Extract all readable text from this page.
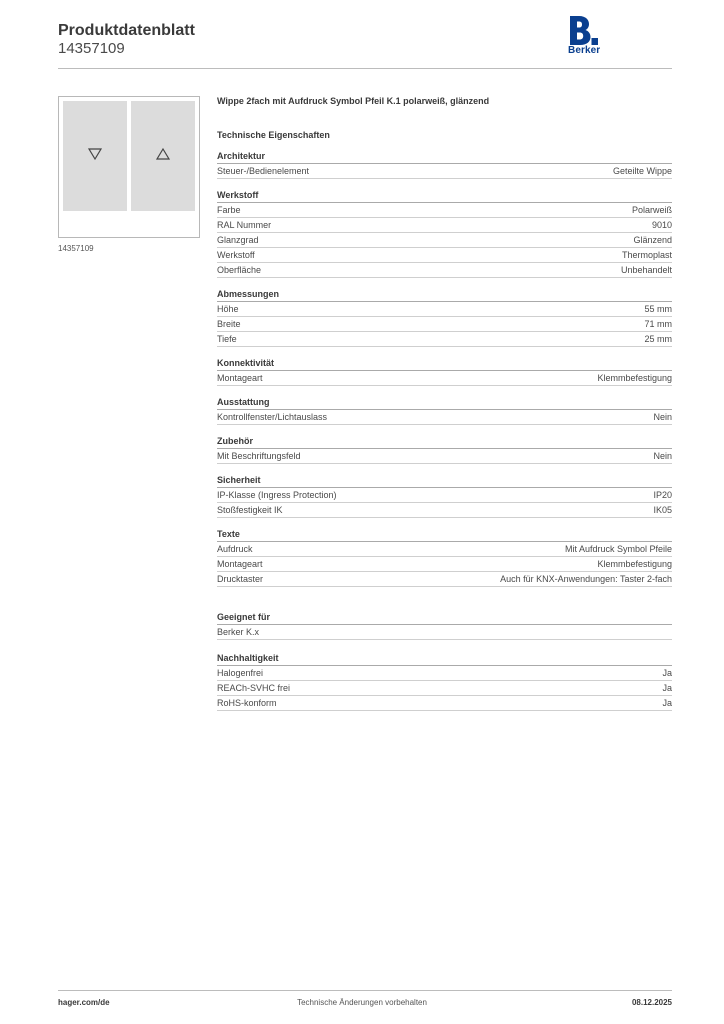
Produktdatenblatt
14357109	Berker
14357109
Wippe 2fach mit Aufdruck Symbol Pfeil K.1 polarweiß, glänzend
Technische Eigenschaften
Architektur
Steuer-/Bedienelement	Geteilte Wippe
Werkstoff
Farbe	Polarweiß
RAL Nummer	9010
Glanzgrad	Glänzend
Werkstoff	Thermoplast
Oberfläche	Unbehandelt
Abmessungen
Höhe	55 mm
Breite	71 mm
Tiefe	25 mm
Konnektivität
Montageart	Klemmbefestigung
Ausstattung
Kontrollfenster/Lichtauslass	Nein
Zubehör
Mit Beschriftungsfeld	Nein
Sicherheit
IP-Klasse (Ingress Protection)	IP20
Stoßfestigkeit IK	IK05
Texte
Aufdruck	Mit Aufdruck Symbol Pfeile
Montageart	Klemmbefestigung
Drucktaster	Auch für KNX-Anwendungen: Taster 2-fach
Geeignet für
Berker K.x
Nachhaltigkeit
Halogenfrei	Ja
REACh-SVHC frei	Ja
RoHS-konform	Ja
hager.com/de	Technische Änderungen vorbehalten	08.12.2025
